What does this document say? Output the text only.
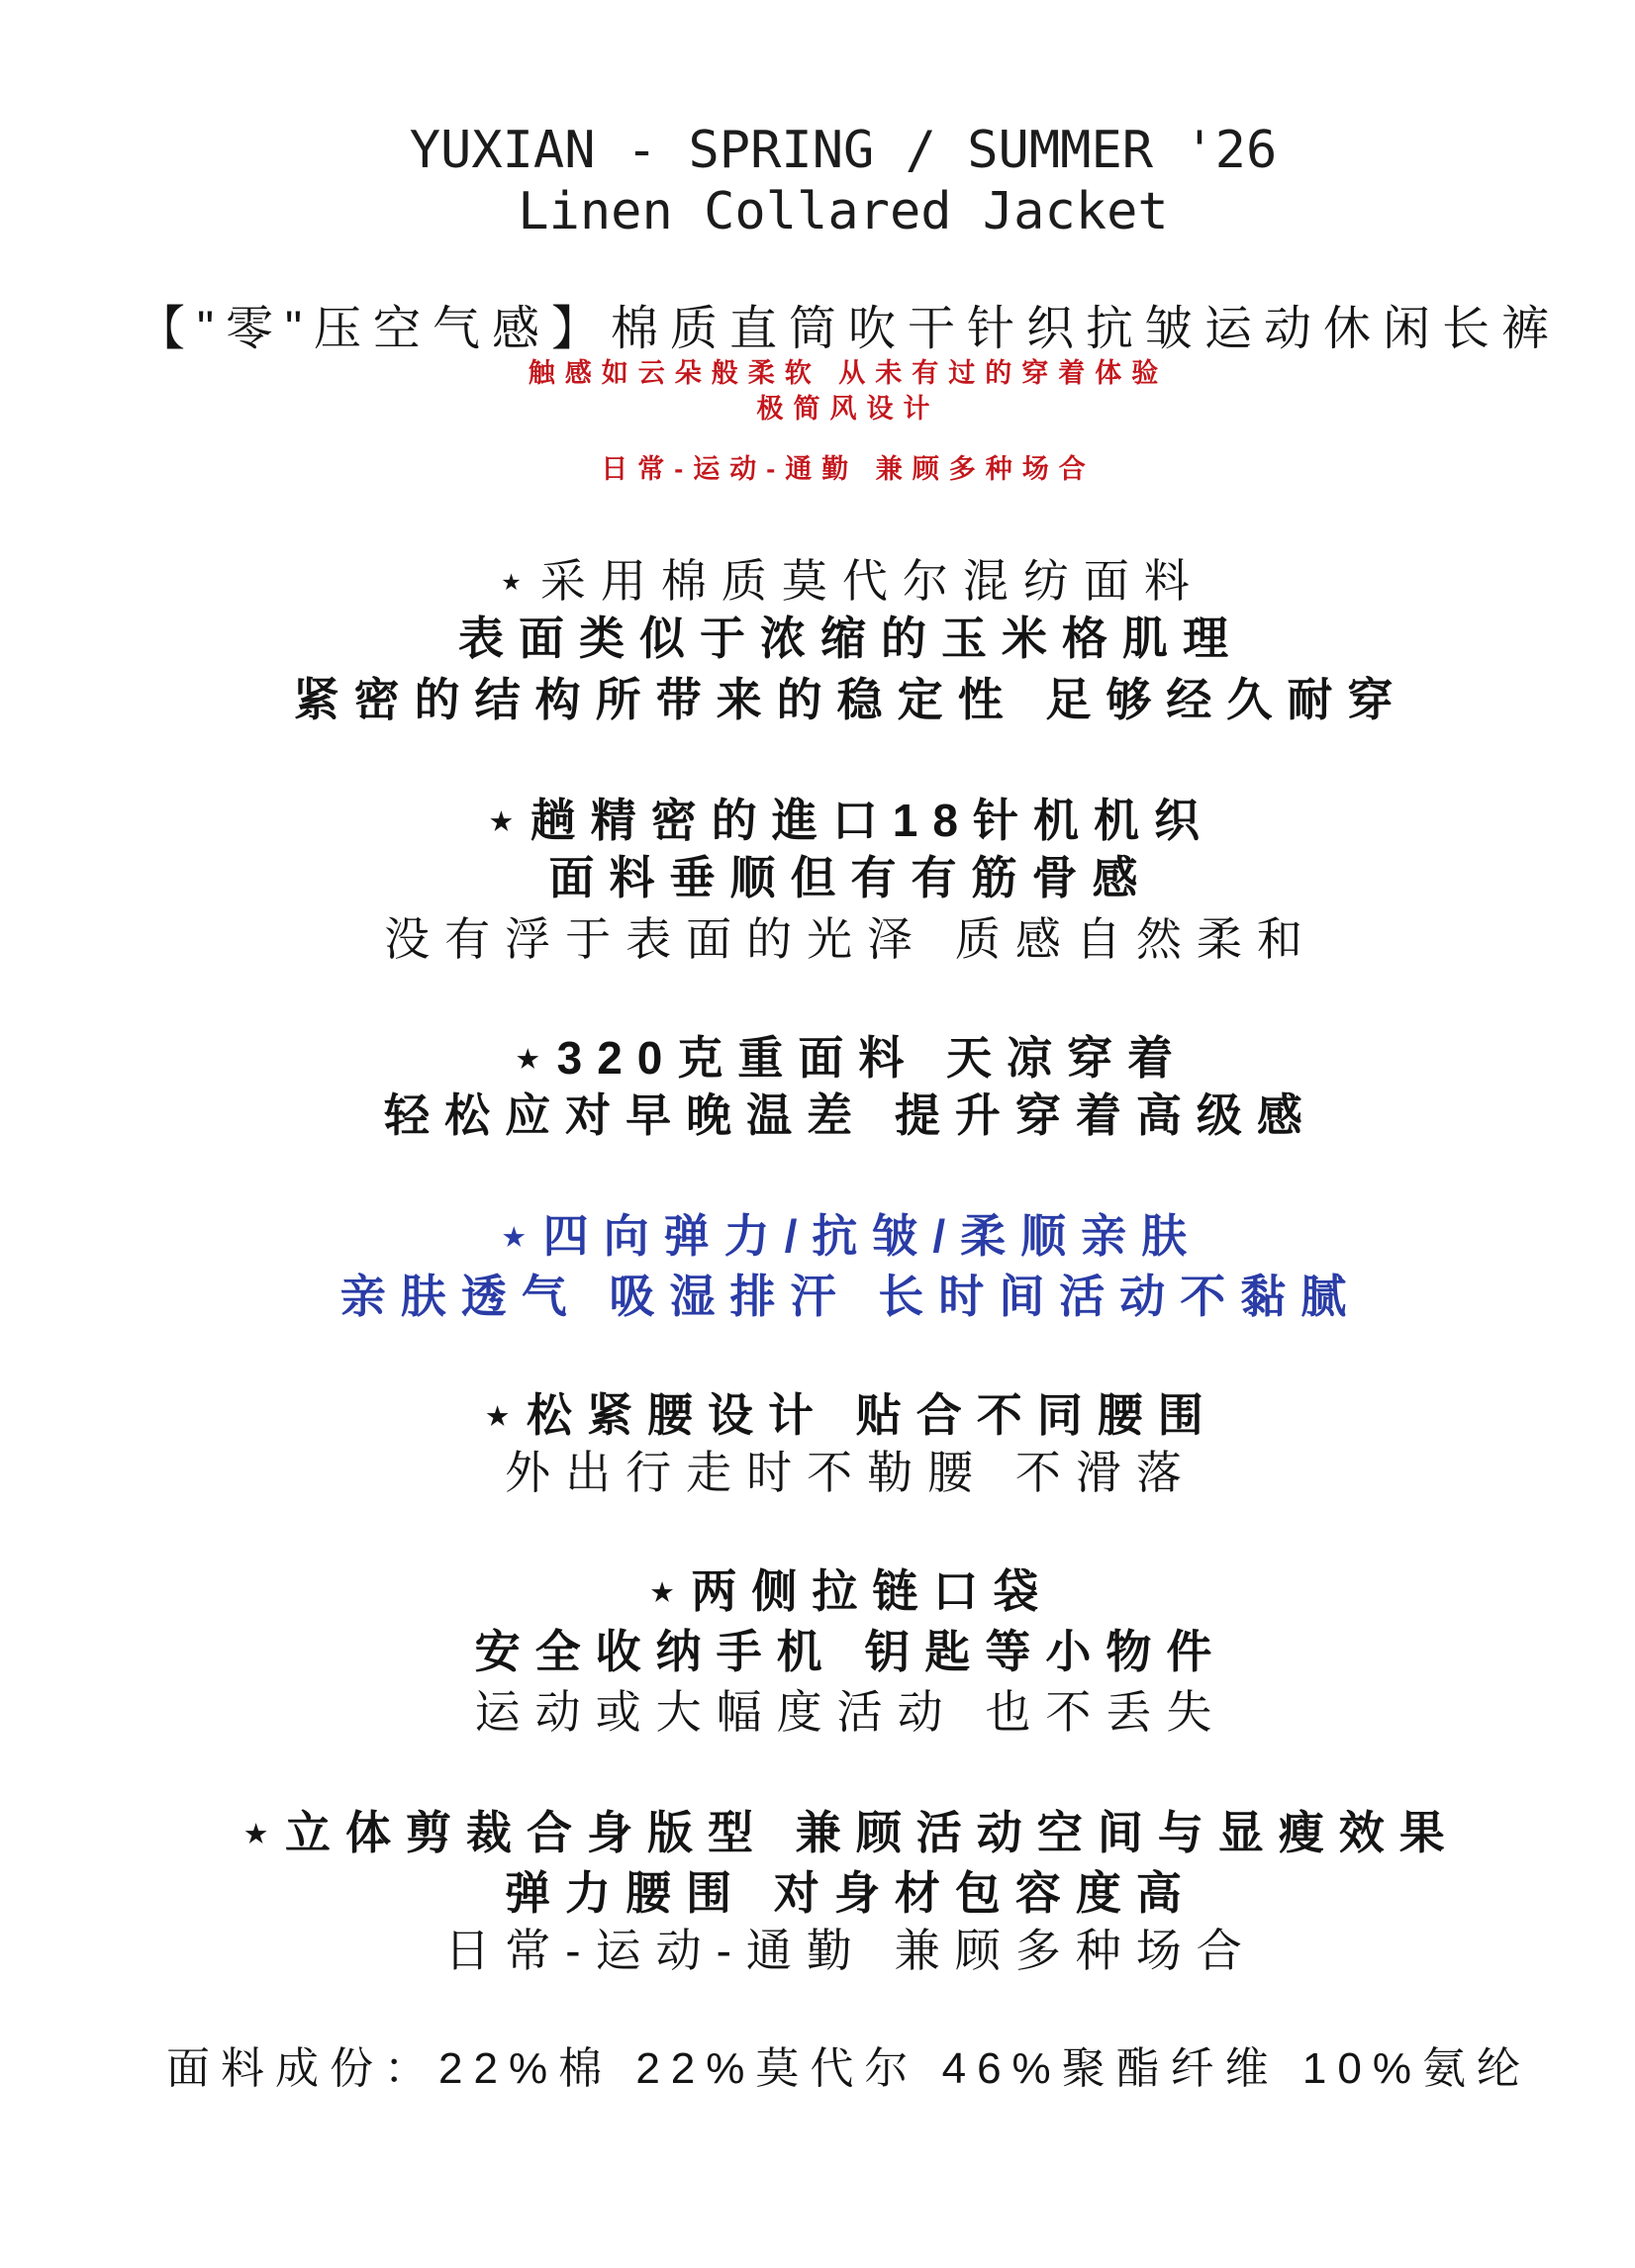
YUXIAN - SPRING / SUMMER '26
Linen Collared Jacket
【"零"压空气感】棉质直筒吹干针织抗皱运动休闲长裤
触感如云朵般柔软 从未有过的穿着体验
极简风设计
日常-运动-通勤 兼顾多种场合
⋆采用棉质莫代尔混纺面料
表面类似于浓缩的玉米格肌理
紧密的结构所带来的稳定性 足够经久耐穿
⋆趟精密的進口18针机机织
面料垂顺但有有筋骨感
没有浮于表面的光泽 质感自然柔和
⋆320克重面料 天凉穿着
轻松应对早晚温差 提升穿着高级感
⋆四向弹力/抗皱/柔顺亲肤
亲肤透气 吸湿排汗 长时间活动不黏腻
⋆松紧腰设计 贴合不同腰围
外出行走时不勒腰 不滑落
⋆两侧拉链口袋
安全收纳手机 钥匙等小物件
运动或大幅度活动 也不丢失
⋆立体剪裁合身版型 兼顾活动空间与显瘦效果
弹力腰围 对身材包容度高
日常-运动-通勤 兼顾多种场合
面料成份：22%棉 22%莫代尔 46%聚酯纤维 10%氨纶
